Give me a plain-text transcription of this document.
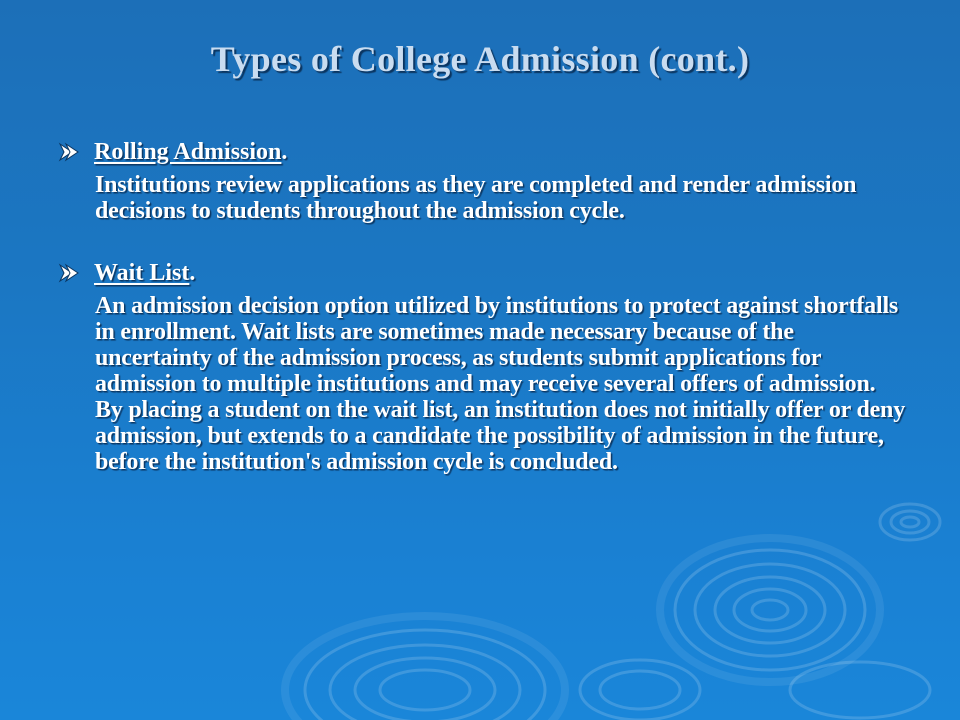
Types of College Admission (cont.)
Rolling Admission .
Institutions review applications as they are completed and render admission decisions to students throughout the admission cycle.
Wait List .
An admission decision option utilized by institutions to protect against shortfalls in enrollment. Wait lists are sometimes made necessary because of the uncertainty of the admission process, as students submit applications for admission to multiple institutions and may receive several offers of admission. By placing a student on the wait list, an institution does not initially offer or deny admission, but extends to a candidate the possibility of admission in the future, before the institution's admission cycle is concluded.
